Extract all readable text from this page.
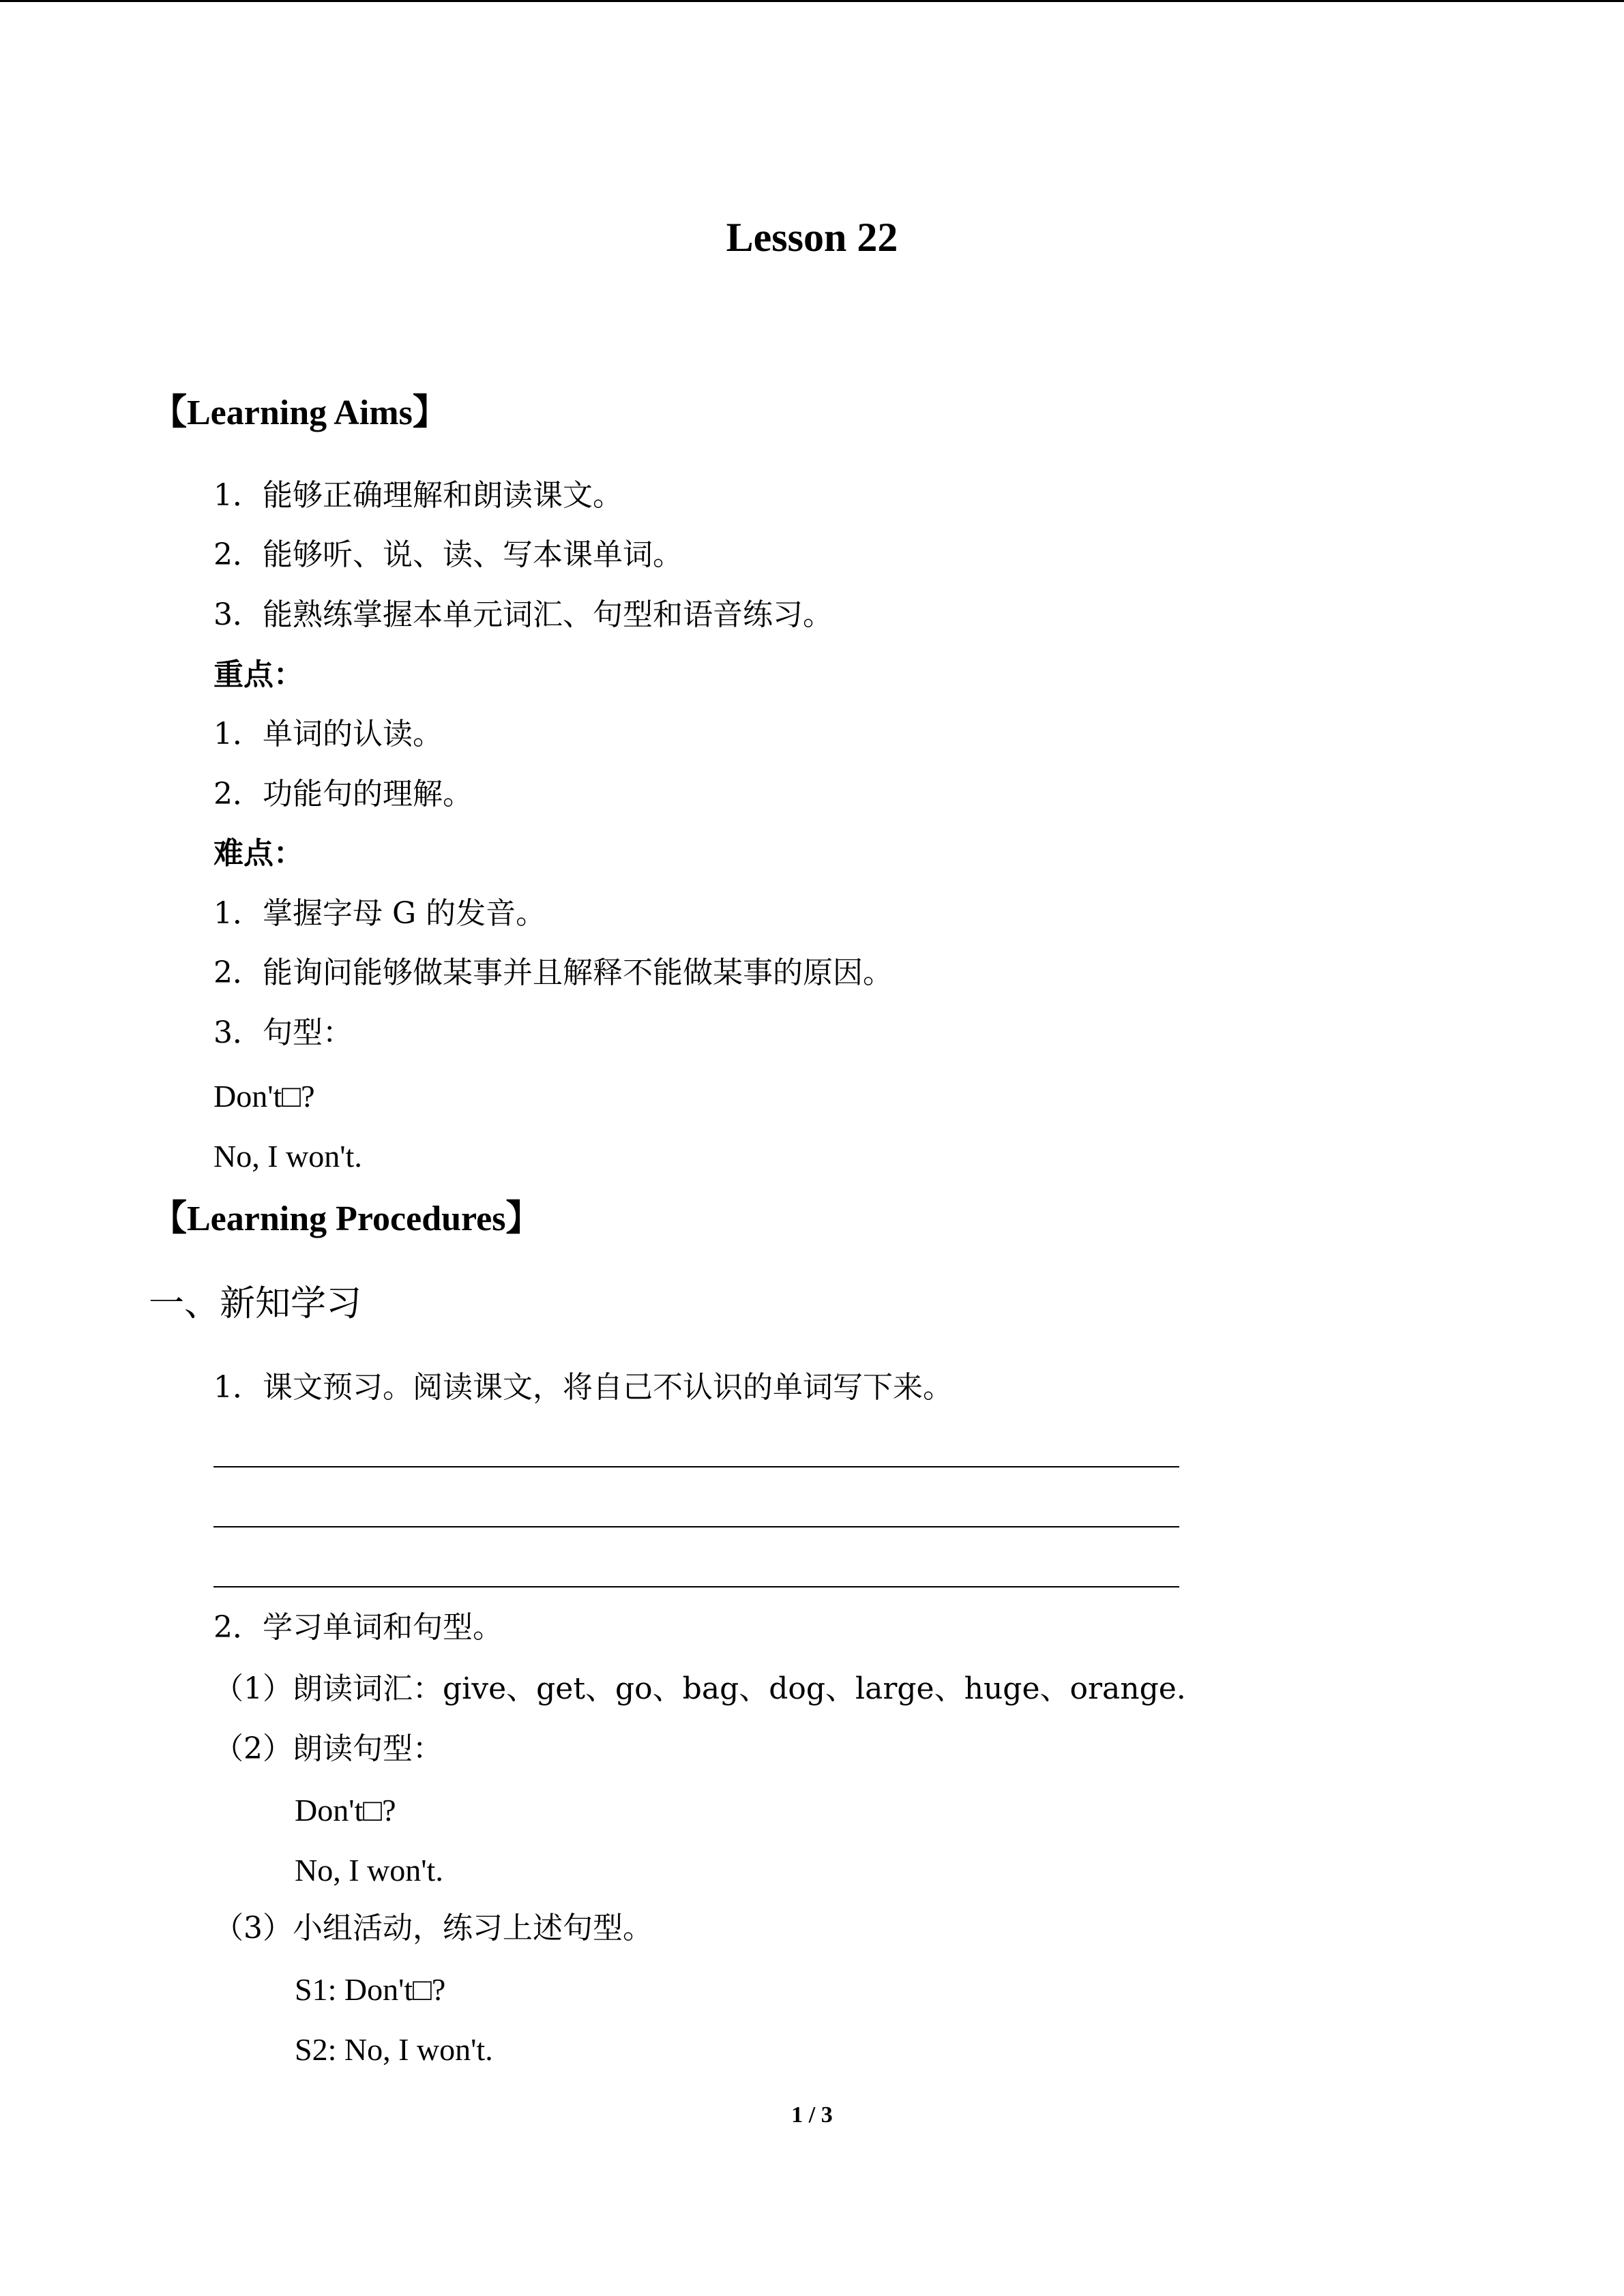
Lesson 22
【Learning Aims】
1．能够正确理解和朗读课文。
2．能够听、说、读、写本课单词。
3．能熟练掌握本单元词汇、句型和语音练习。
重点：
1．单词的认读。
2．功能句的理解。
难点：
1．掌握字母 G 的发音。
2．能询问能够做某事并且解释不能做某事的原因。
3．句型：
Don't□?
No, I won't.
【Learning Procedures】
一、新知学习
1．课文预习。阅读课文，将自己不认识的单词写下来。
2．学习单词和句型。
（1）朗读词汇：give、get、go、bag、dog、large、huge、orange.
（2）朗读句型：
Don't□?
No, I won't.
（3）小组活动，练习上述句型。
S1: Don't□?
S2: No, I won't.
1 / 3
